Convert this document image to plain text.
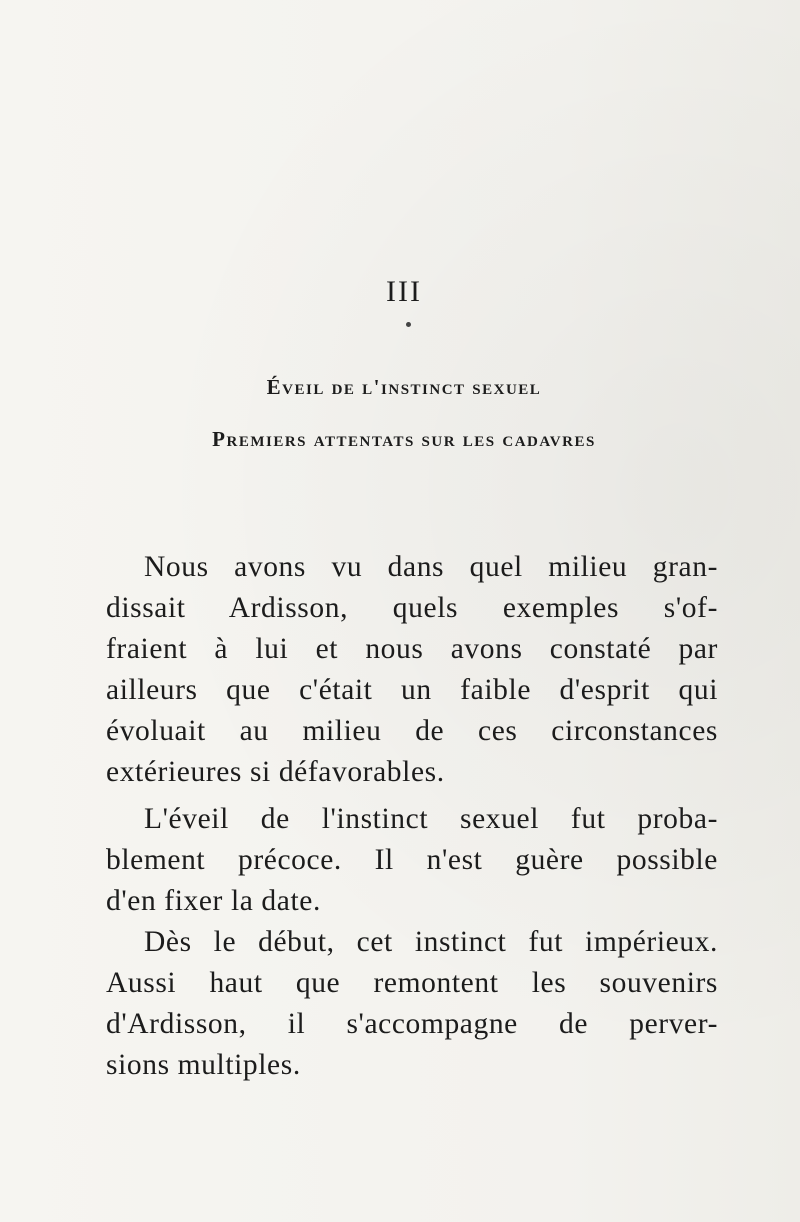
III
Éveil de l'instinct sexuel
Premiers attentats sur les cadavres
Nous avons vu dans quel milieu gran-
dissait Ardisson, quels exemples s'of-
fraient à lui et nous avons constaté par
ailleurs que c'était un faible d'esprit qui
évoluait au milieu de ces circonstances
extérieures si défavorables.
L'éveil de l'instinct sexuel fut proba-
blement précoce. Il n'est guère possible
d'en fixer la date.
Dès le début, cet instinct fut impérieux.
Aussi haut que remontent les souvenirs
d'Ardisson, il s'accompagne de perver-
sions multiples.
